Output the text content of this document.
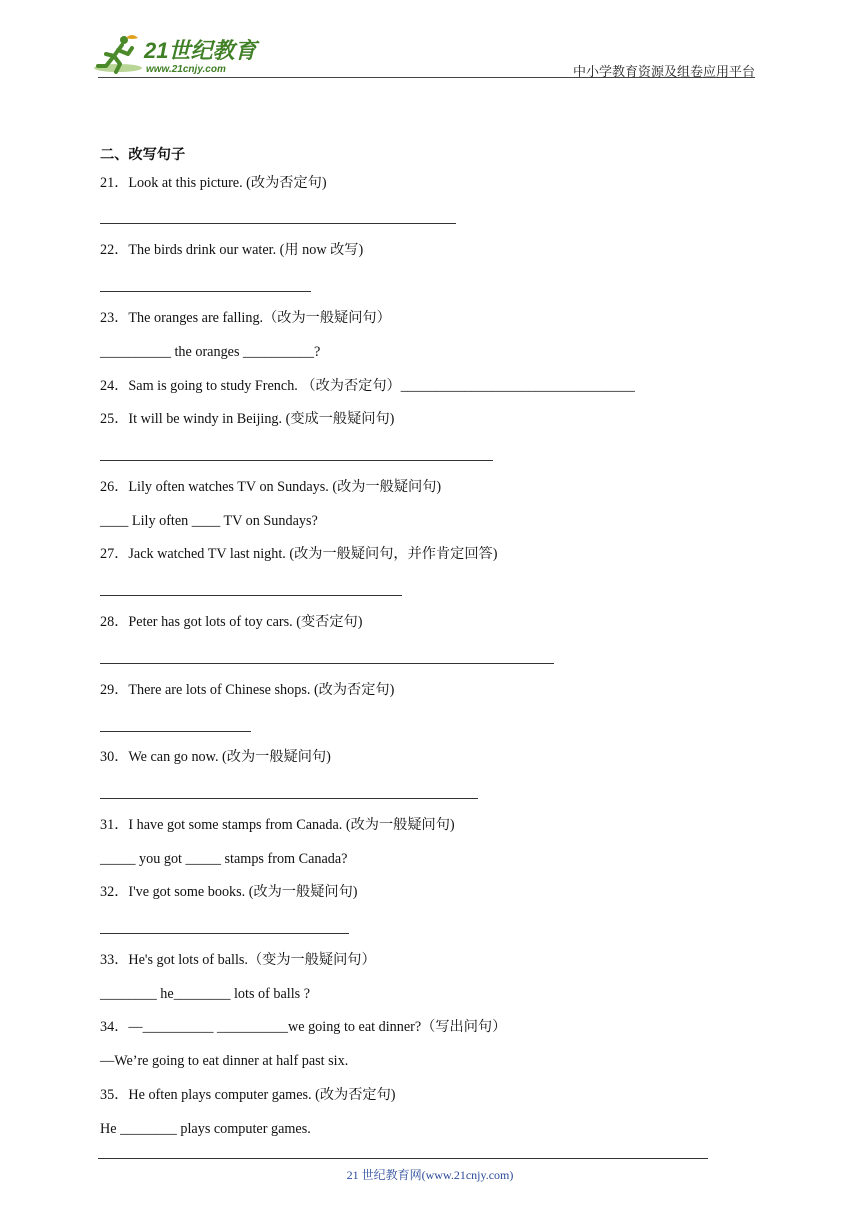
21世纪教育
www.21cnjy.com	中小学教育资源及组卷应用平台
二、改写句子
21．Look at this picture. (改为否定句)
22．The birds drink our water. (用 now 改写)
23．The oranges are falling.（改为一般疑问句）
__________ the oranges __________?
24．Sam is going to study French. （改为否定句）_________________________________
25．It will be windy in Beijing. (变成一般疑问句)
26．Lily often watches TV on Sundays. (改为一般疑问句)
____ Lily often ____ TV on Sundays?
27．Jack watched TV last night. (改为一般疑问句，并作肯定回答)
28．Peter has got lots of toy cars. (变否定句)
29．There are lots of Chinese shops. (改为否定句)
30．We can go now. (改为一般疑问句)
31．I have got some stamps from Canada. (改为一般疑问句)
_____ you got _____ stamps from Canada?
32．I've got some books. (改为一般疑问句)
33．He's got lots of balls.（变为一般疑问句）
________ he________ lots of balls ?
34．—__________ __________we going to eat dinner?（写出问句）
—We’re going to eat dinner at half past six.
35．He often plays computer games. (改为否定句)
He ________ plays computer games.
21 世纪教育网(www.21cnjy.com)
